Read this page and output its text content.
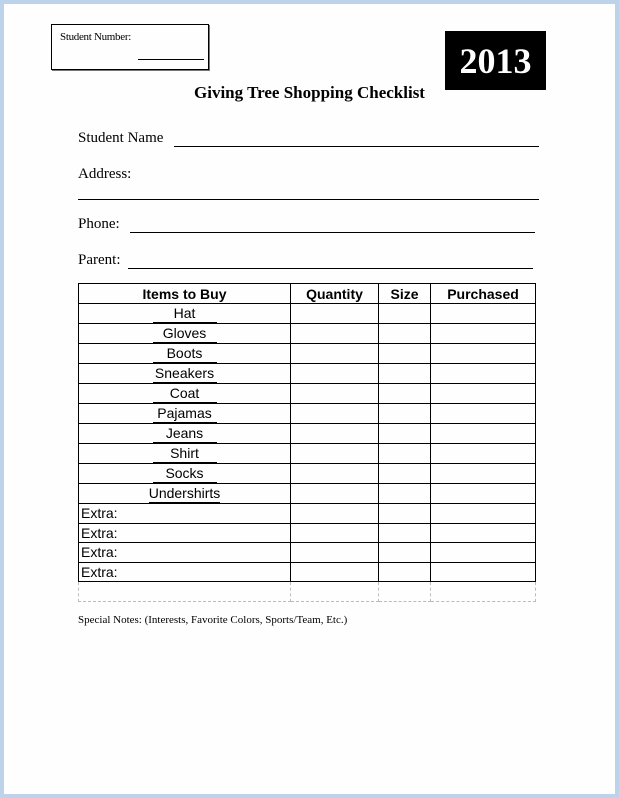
Student Number:
2013
Giving Tree Shopping Checklist
Student Name
Address:
Phone:
Parent:
Items to Buy	Quantity	Size	Purchased
Hat			
Gloves			
Boots			
Sneakers			
Coat			
Pajamas			
Jeans			
Shirt			
Socks			
Undershirts			
Extra:			
Extra:			
Extra:			
Extra:			

Special Notes: (Interests, Favorite Colors, Sports/Team, Etc.)
